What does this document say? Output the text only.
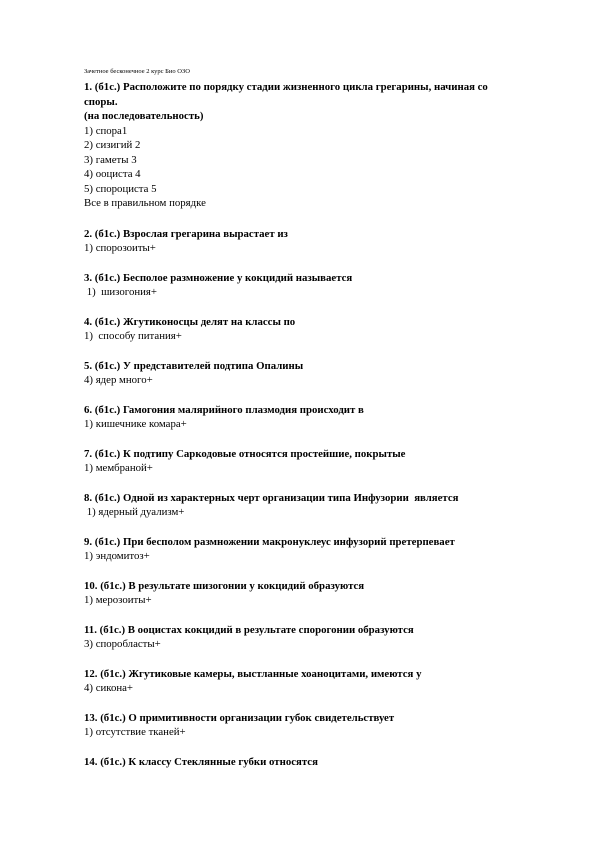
Зачетное бесконечное 2 курс Био ОЗО
1. (б1с.) Расположите по порядку стадии жизненного цикла грегарины, начиная со
споры.
(на последовательность)
1) спора1
2) сизигий 2
3) гаметы 3
4) ооциста 4
5) спороциста 5
Все в правильном порядке
2. (б1с.) Взрослая грегарина вырастает из
1) спорозоиты+
3. (б1с.) Бесполое размножение у кокцидий называется
1)  шизогония+
4. (б1с.) Жгутиконосцы делят на классы по
1)  способу питания+
5. (б1с.) У представителей подтипа Опалины
4) ядер много+
6. (б1с.) Гамогония малярийного плазмодия происходит в
1) кишечнике комара+
7. (б1с.) К подтипу Саркодовые относятся простейшие, покрытые
1) мембраной+
8. (б1с.) Одной из характерных черт организации типа Инфузории  является
1) ядерный дуализм+
9. (б1с.) При бесполом размножении макронуклеус инфузорий претерпевает
1) эндомитоз+
10. (б1с.) В результате шизогонии у кокцидий образуются
1) мерозоиты+
11. (б1с.) В ооцистах кокцидий в результате спорогонии образуются
3) споробласты+
12. (б1с.) Жгутиковые камеры, выстланные хоаноцитами, имеются у
4) сикона+
13. (б1с.) О примитивности организации губок свидетельствует
1) отсутствие тканей+
14. (б1с.) К классу Стеклянные губки относятся
